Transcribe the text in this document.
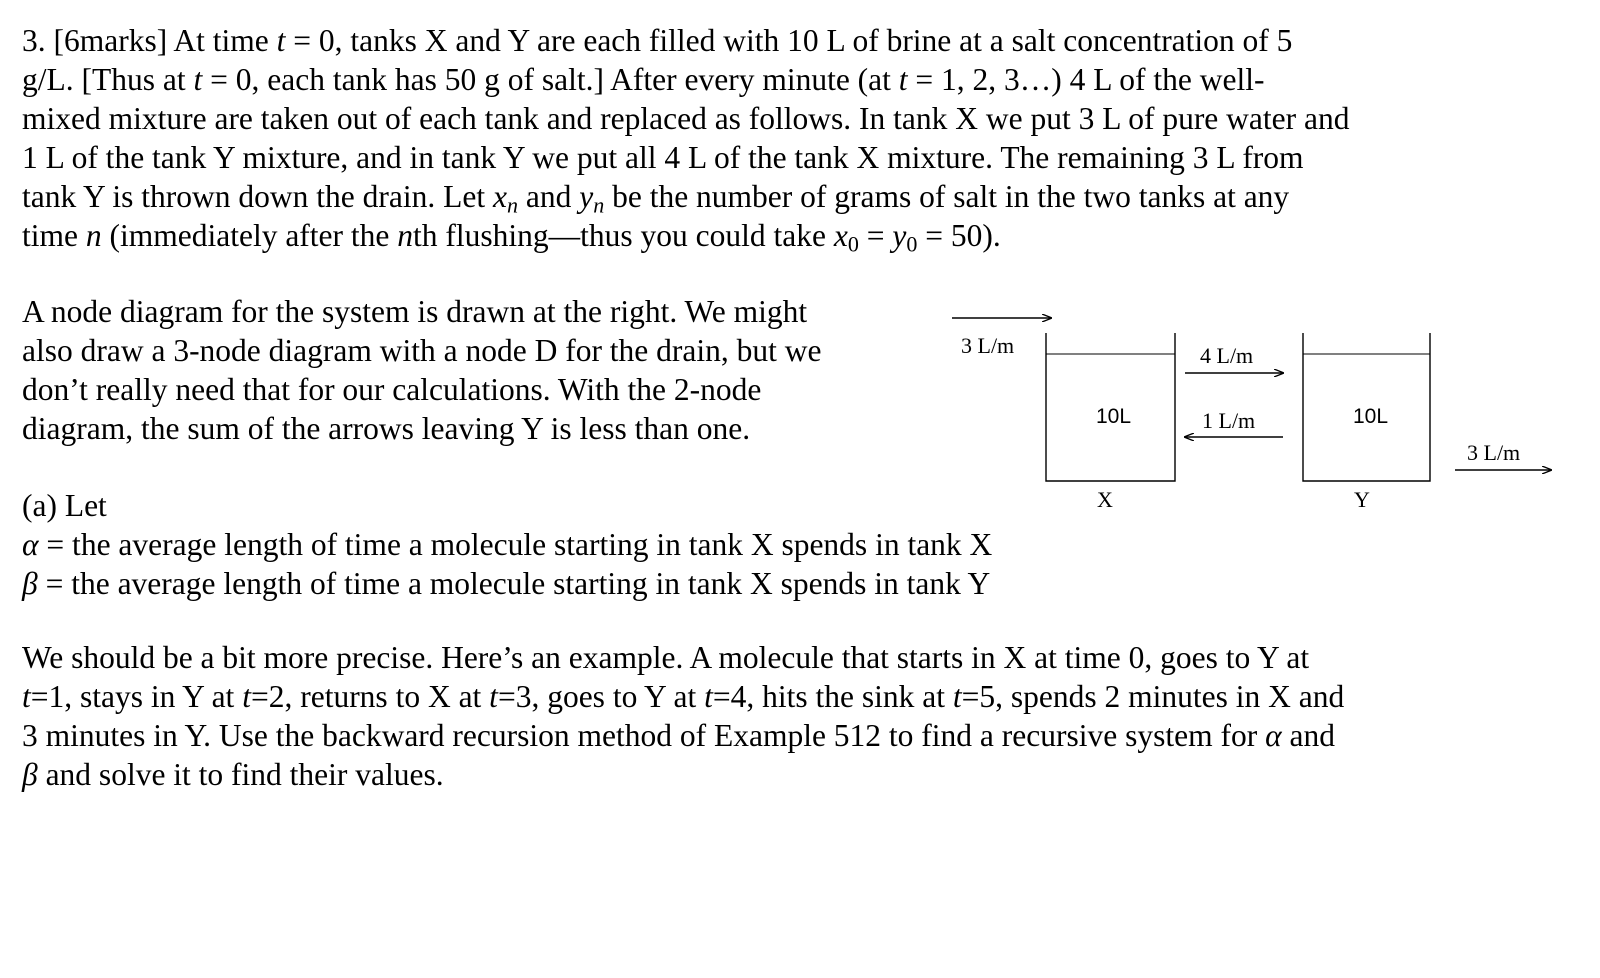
3. [6marks] At time t = 0, tanks X and Y are each filled with 10 L of brine at a salt concentration of 5
g/L. [Thus at t = 0, each tank has 50 g of salt.] After every minute (at t = 1, 2, 3…) 4 L of the well-
mixed mixture are taken out of each tank and replaced as follows. In tank X we put 3 L of pure water and
1 L of the tank Y mixture, and in tank Y we put all 4 L of the tank X mixture. The remaining 3 L from
tank Y is thrown down the drain. Let $x_n$ and $y_n$ be the number of grams of salt in the two tanks at any
time n (immediately after the nth flushing—thus you could take $x_0 = y_0 = 50$).
A node diagram for the system is drawn at the right. We might
also draw a 3-node diagram with a node D for the drain, but we
don’t really need that for our calculations. With the 2-node
diagram, the sum of the arrows leaving Y is less than one.
(a) Let
α = the average length of time a molecule starting in tank X spends in tank X
β = the average length of time a molecule starting in tank X spends in tank Y
We should be a bit more precise. Here’s an example. A molecule that starts in X at time 0, goes to Y at
t=1, stays in Y at t=2, returns to X at t=3, goes to Y at t=4, hits the sink at t=5, spends 2 minutes in X and
3 minutes in Y. Use the backward recursion method of Example 512 to find a recursive system for α and
β and solve it to find their values.
3 L/m	4 L/m
1 L/m
3 L/m
10L	10L
X	Y
